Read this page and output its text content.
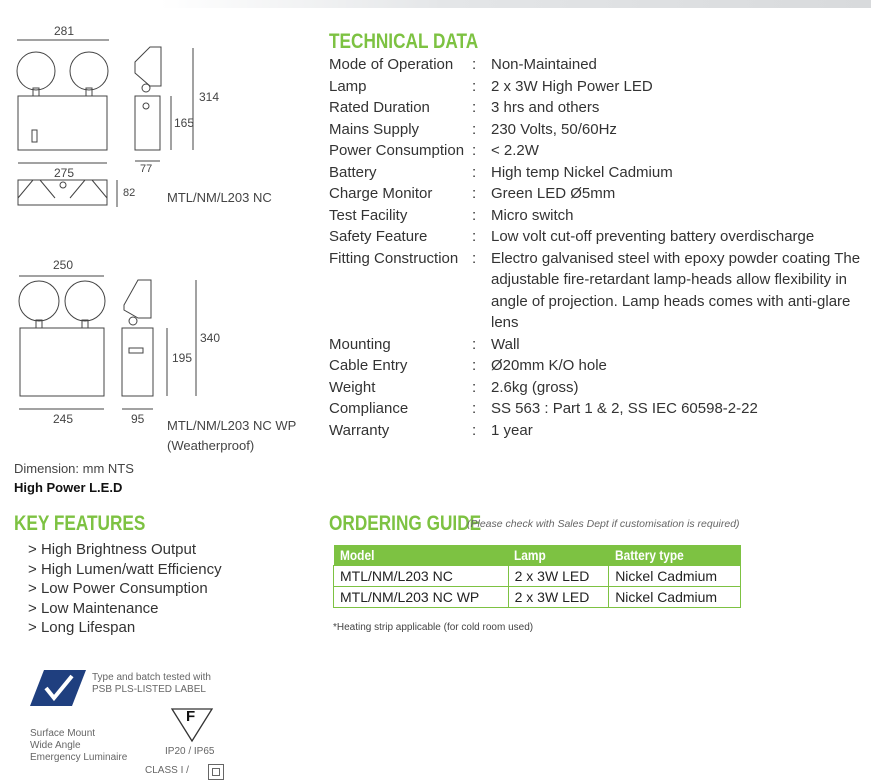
281
314
165
77
275
82 MTL/NM/L203 NC
250
340
195
245	95 MTL/NM/L203 NC WP
(Weatherproof)
Dimension: mm NTS
High Power L.E.D
KEY FEATURES
> High Brightness Output
> High Lumen/watt Efficiency
> Low Power Consumption
> Low Maintenance
> Long Lifespan
Type and batch tested with
PSB PLS-LISTED LABEL
Surface Mount
Wide Angle
Emergency Luminaire
F
IP20 / IP65
CLASS I /
TECHNICAL DATA
Mode of Operation	: Non-Maintained
Lamp	: 2 x 3W High Power LED
Rated Duration	: 3 hrs and others
Mains Supply	: 230 Volts, 50/60Hz
Power Consumption : < 2.2W
Battery	: High temp Nickel Cadmium
Charge Monitor	: Green LED Ø5mm
Test Facility	: Micro switch
Safety Feature	: Low volt cut-off preventing battery overdischarge
Fitting Construction : Electro galvanised steel with epoxy powder coating The adjustable fire-retardant lamp-heads allow flexibility in angle of projection. Lamp heads comes with anti-glare lens
Mounting	: Wall
Cable Entry	: Ø20mm K/O hole
Weight	: 2.6kg (gross)
Compliance	: SS 563 : Part 1 & 2, SS IEC 60598-2-22
Warranty	: 1 year
ORDERING GUIDE
(Please check with Sales Dept if customisation is required)
Model	Lamp	Battery type
MTL/NM/L203 NC	2 x 3W LED	Nickel Cadmium
MTL/NM/L203 NC WP	2 x 3W LED	Nickel Cadmium
*Heating strip applicable (for cold room used)
